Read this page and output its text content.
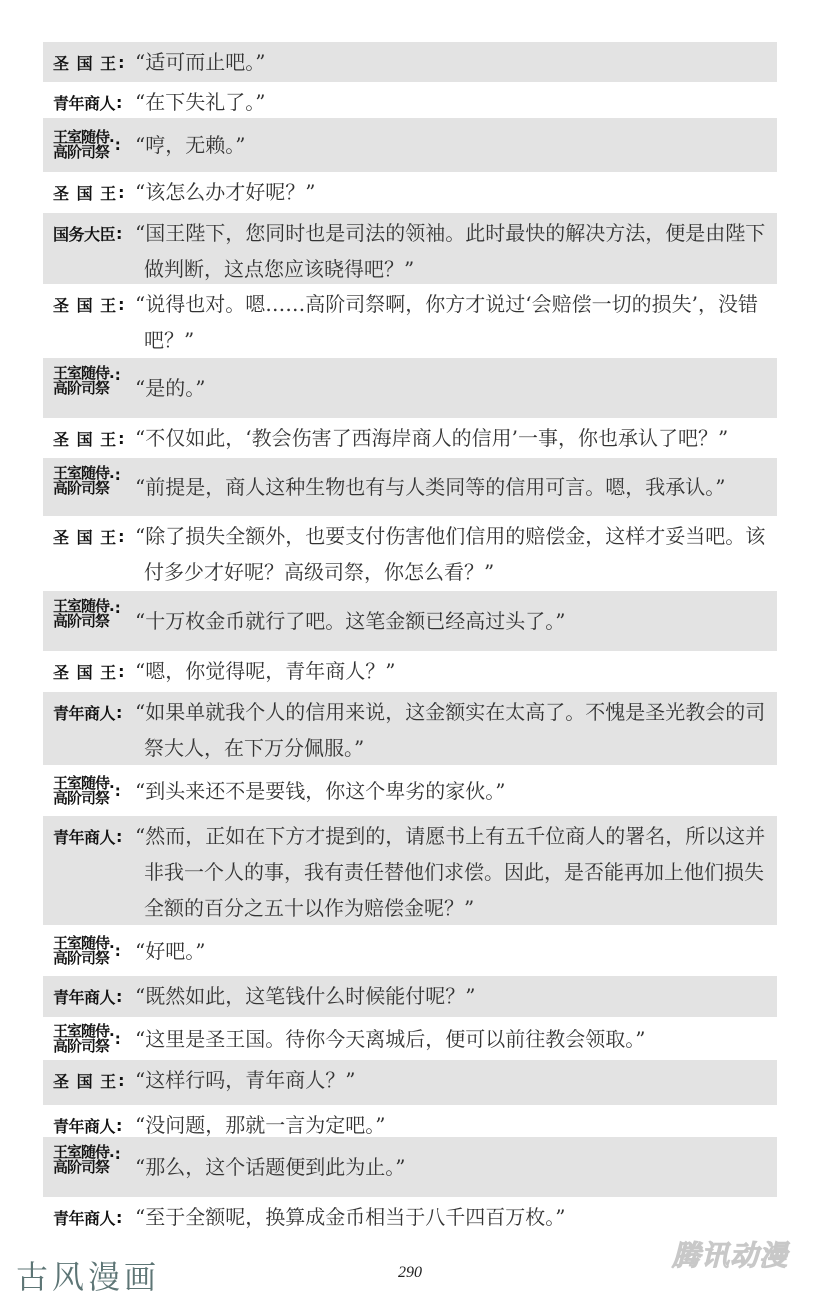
圣 国 王 : “适可而止吧。”
青年商人 : “在下失礼了。”
王室随侍.
高阶司祭 : “哼，无赖。”
圣 国 王 : “该怎么办才好呢？”
国务大臣 : “国王陛下，您同时也是司法的领袖。此时最快的解决方法，便是由陛下做判断，这点您应该晓得吧？”
圣 国 王 : “说得也对。嗯……高阶司祭啊，你方才说过‘会赔偿一切的损失’，没错吧？”
王室随侍.
高阶司祭
:
“是的。”
圣 国 王 : “不仅如此，‘教会伤害了西海岸商人的信用’一事，你也承认了吧？”
王室随侍.
高阶司祭
: “前提是，商人这种生物也有与人类同等的信用可言。嗯，我承认。”
圣 国 王 : “除了损失全额外，也要支付伤害他们信用的赔偿金，这样才妥当吧。该付多少才好呢？高级司祭，你怎么看？”
王室随侍.
高阶司祭
:
“十万枚金币就行了吧。这笔金额已经高过头了。”
圣 国 王 : “嗯，你觉得呢，青年商人？”
青年商人 : “如果单就我个人的信用来说，这金额实在太高了。不愧是圣光教会的司祭大人，在下万分佩服。”
王室随侍.
高阶司祭 : “到头来还不是要钱，你这个卑劣的家伙。”
青年商人 : “然而，正如在下方才提到的，请愿书上有五千位商人的署名，所以这并非我一个人的事，我有责任替他们求偿。因此，是否能再加上他们损失全额的百分之五十以作为赔偿金呢？”
王室随侍.
高阶司祭 : “好吧。”
青年商人 : “既然如此，这笔钱什么时候能付呢？”
王室随侍.
高阶司祭 : “这里是圣王国。待你今天离城后，便可以前往教会领取。”
圣 国 王 : “这样行吗，青年商人？”
青年商人 : “没问题，那就一言为定吧。”
王室随侍.
高阶司祭
:
“那么，这个话题便到此为止。”
青年商人 : “至于全额呢，换算成金币相当于八千四百万枚。”
古风漫画	290
腾讯动漫
